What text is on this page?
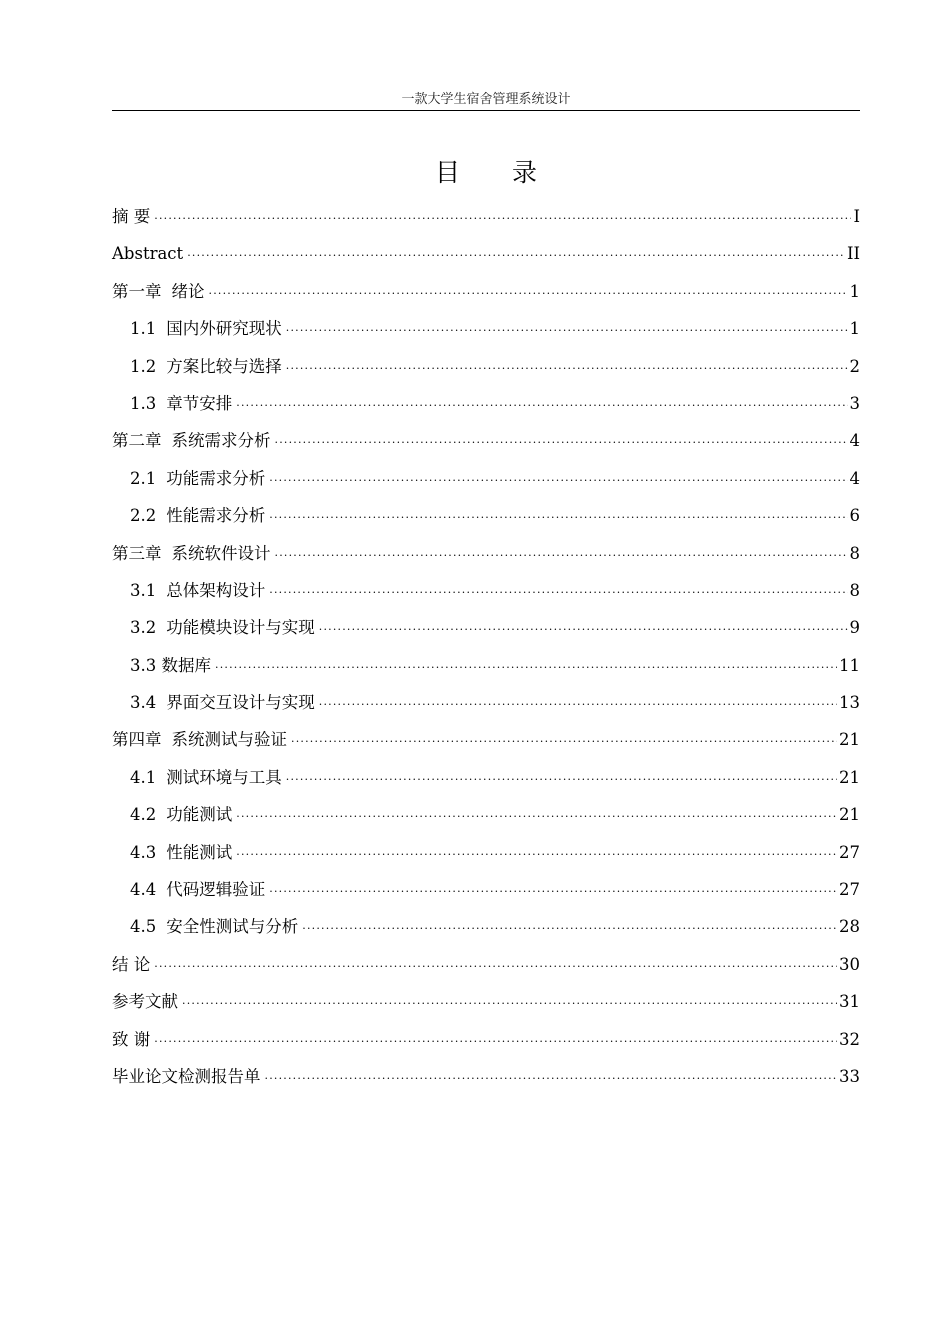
一款大学生宿舍管理系统设计
目 录
摘 要 ·····	I
Abstract ·····	II
第一章 绪论 ·····	1
1.1 国内外研究现状 ·····	1
1.2 方案比较与选择 ·····	2
1.3 章节安排 ·····	3
第二章 系统需求分析 ·····	4
2.1 功能需求分析 ·····	4
2.2 性能需求分析 ·····	6
第三章 系统软件设计 ·····	8
3.1 总体架构设计 ·····	8
3.2 功能模块设计与实现 ·····	9
3.3 数据库 ·····	11
3.4 界面交互设计与实现 ·····	13
第四章 系统测试与验证 ·····	21
4.1 测试环境与工具 ·····	21
4.2 功能测试 ·····	21
4.3 性能测试 ·····	27
4.4 代码逻辑验证 ·····	27
4.5 安全性测试与分析 ·····	28
结 论 ·····	30
参考文献 ·····	31
致 谢 ·····	32
毕业论文检测报告单 ·····	33
